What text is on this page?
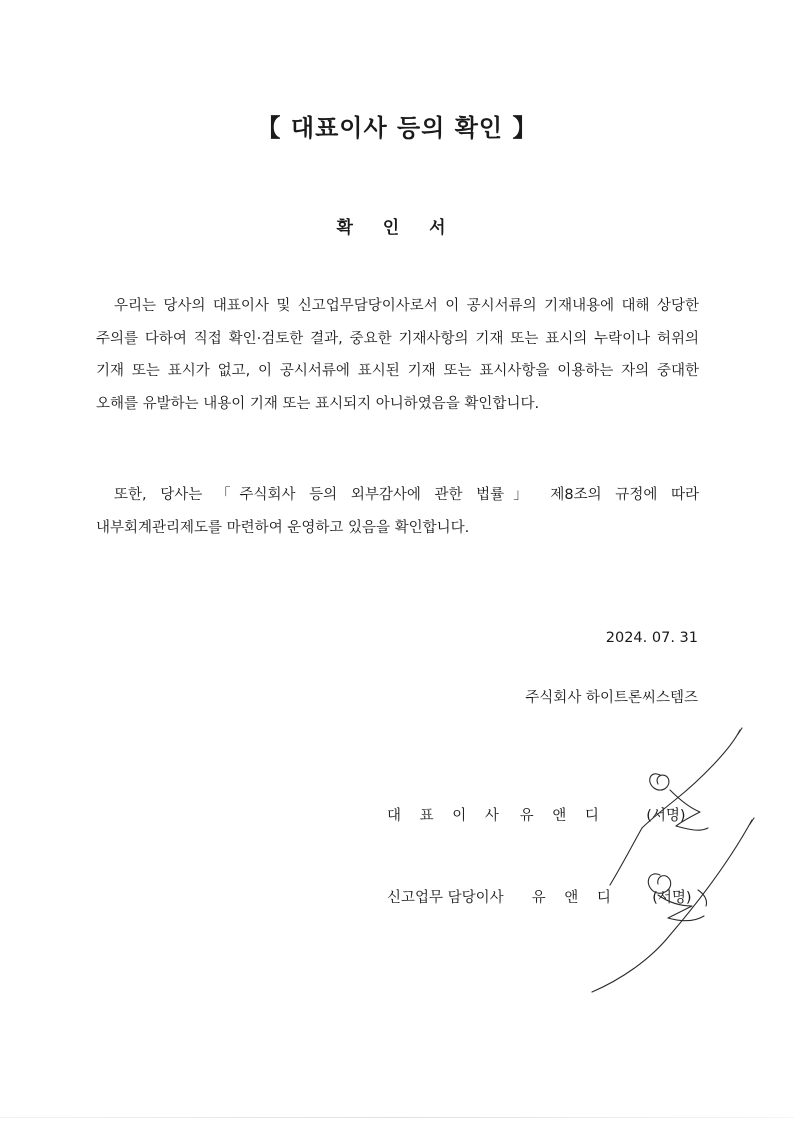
【 대표이사 등의 확인 】
확 인 서

우리는 당사의 대표이사 및 신고업무담당이사로서 이 공시서류의 기재내용에 대해 상당한 주의를 다하여 직접 확인·검토한 결과, 중요한 기재사항의 기재 또는 표시의 누락이나 허위의 기재 또는 표시가 없고, 이 공시서류에 표시된 기재 또는 표시사항을 이용하는 자의 중대한 오해를 유발하는 내용이 기재 또는 표시되지 아니하였음을 확인합니다.

또한, 당사는 「주식회사 등의 외부감사에 관한 법률」 제8조의 규정에 따라 내부회계관리제도를 마련하여 운영하고 있음을 확인합니다.

2024. 07. 31
주식회사 하이트론씨스템즈
대 표 이 사 유 앤 디	(서명)
신고업무 담당이사 유 앤 디	(서명)
